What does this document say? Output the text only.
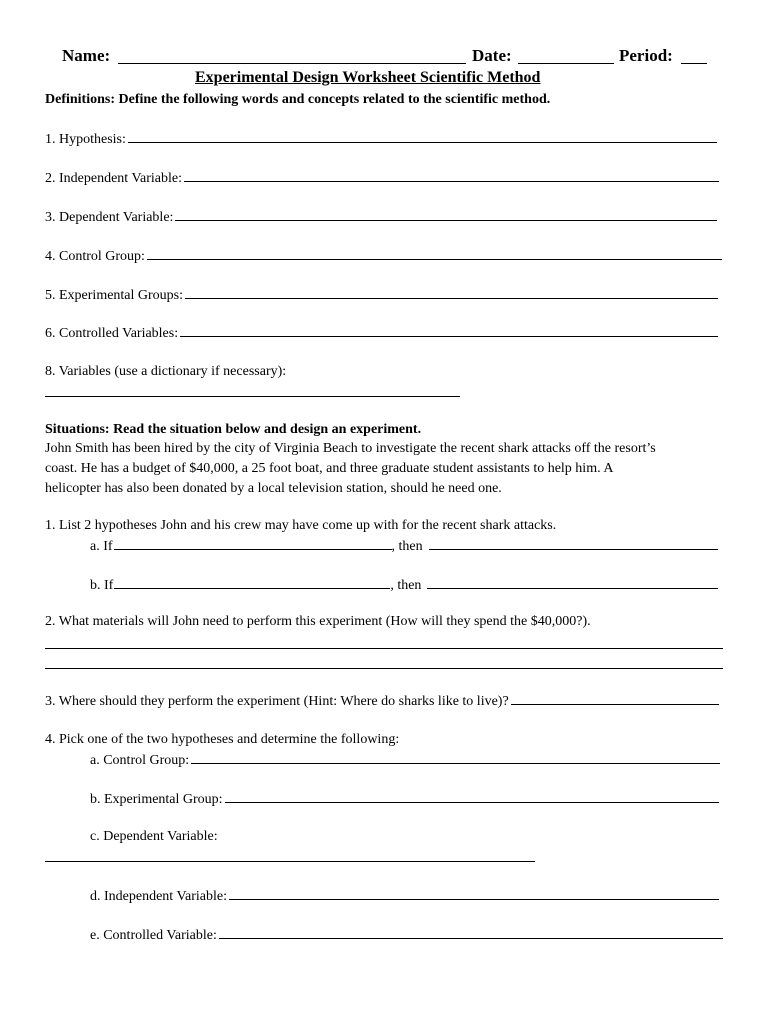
Name:	Date:	Period:
Experimental Design Worksheet Scientific Method
Definitions: Define the following words and concepts related to the scientific method.
1. Hypothesis:
2. Independent Variable:
3. Dependent Variable:
4. Control Group:
5. Experimental Groups:
6. Controlled Variables:
8. Variables (use a dictionary if necessary):
Situations: Read the situation below and design an experiment.
John Smith has been hired by the city of Virginia Beach to investigate the recent shark attacks off the resort’s
coast. He has a budget of $40,000, a 25 foot boat, and three graduate student assistants to help him. A
helicopter has also been donated by a local television station, should he need one.
1. List 2 hypotheses John and his crew may have come up with for the recent shark attacks.
a. If	, then
b. If	, then
2. What materials will John need to perform this experiment (How will they spend the $40,000?).
3. Where should they perform the experiment (Hint: Where do sharks like to live)?
4. Pick one of the two hypotheses and determine the following:
a. Control Group:
b. Experimental Group:
c. Dependent Variable:
d. Independent Variable:
e. Controlled Variable:
